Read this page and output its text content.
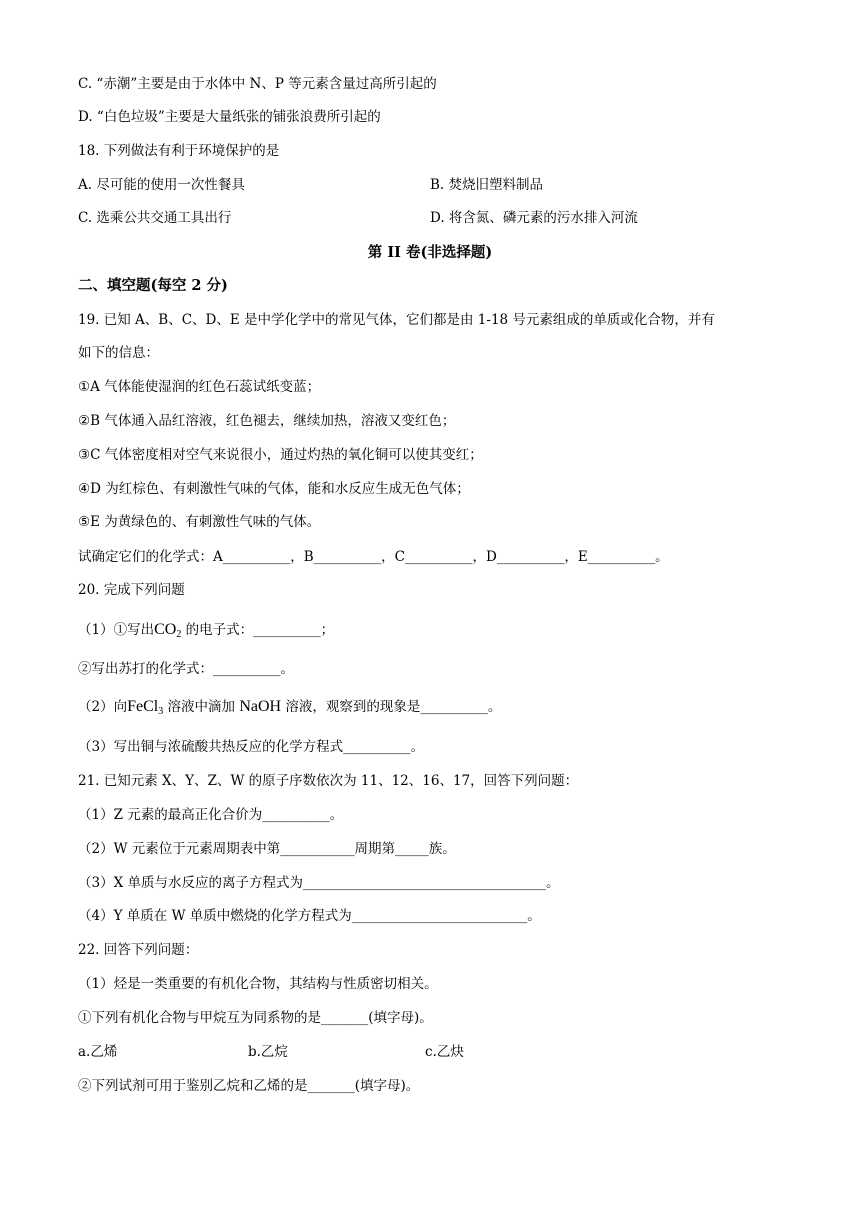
C. “赤潮”主要是由于水体中 N、P 等元素含量过高所引起的
D. “白色垃圾”主要是大量纸张的铺张浪费所引起的
18. 下列做法有利于环境保护的是
A. 尽可能的使用一次性餐具	B. 焚烧旧塑料制品
C. 选乘公共交通工具出行	D. 将含氮、磷元素的污水排入河流
第 II 卷(非选择题)
二、填空题(每空 2 分)
19. 已知 A、B、C、D、E 是中学化学中的常见气体，它们都是由 1-18 号元素组成的单质或化合物，并有
如下的信息：
①A 气体能使湿润的红色石蕊试纸变蓝；
②B 气体通入品红溶液，红色褪去，继续加热，溶液又变红色；
③C 气体密度相对空气来说很小，通过灼热的氧化铜可以使其变红；
④D 为红棕色、有刺激性气味的气体，能和水反应生成无色气体；
⑤E 为黄绿色的、有刺激性气味的气体。
试确定它们的化学式：A__________，B__________，C__________，D__________，E__________。
20. 完成下列问题
（1）①写出$CO_2$ 的电子式：__________；
②写出苏打的化学式：__________。
（2）向FeCl$_3$ 溶液中滴加 NaOH 溶液，观察到的现象是__________。
（3）写出铜与浓硫酸共热反应的化学方程式__________。
21. 已知元素 X、Y、Z、W 的原子序数依次为 11、12、16、17，回答下列问题：
（1）Z 元素的最高正化合价为__________。
（2）W 元素位于元素周期表中第___________周期第_____族。
（3）X 单质与水反应的离子方程式为____________________________________。
（4）Y 单质在 W 单质中燃烧的化学方程式为__________________________。
22. 回答下列问题：
（1）烃是一类重要的有机化合物，其结构与性质密切相关。
①下列有机化合物与甲烷互为同系物的是_______(填字母)。
a.乙烯	b.乙烷	c.乙炔
②下列试剂可用于鉴别乙烷和乙烯的是_______(填字母)。
